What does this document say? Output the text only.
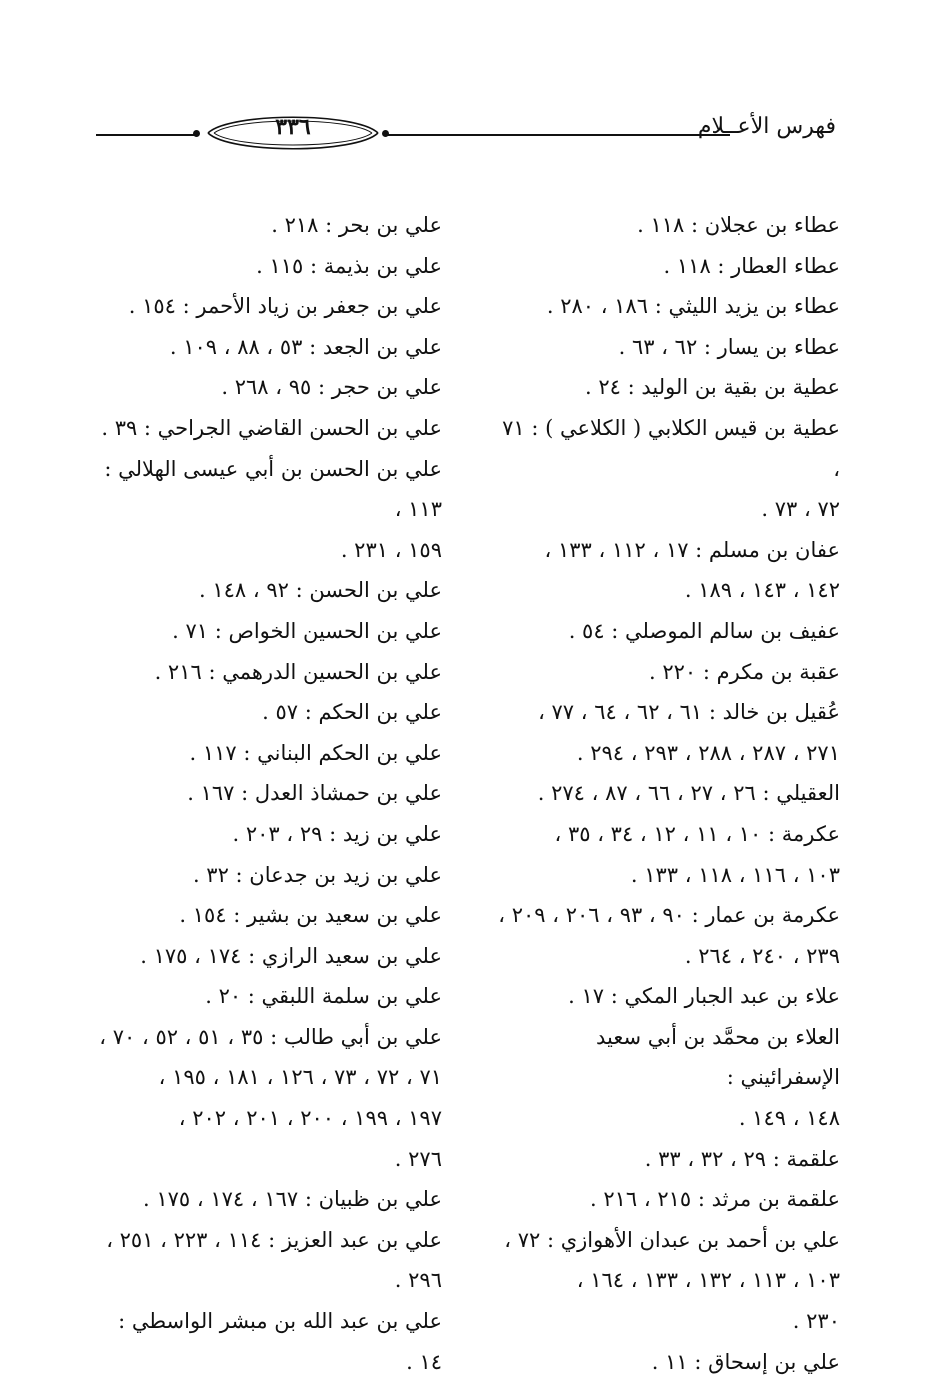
فهرس الأعــلام
٣٣٦

عطاء بن عجلان : ١١٨ .

عطاء العطار : ١١٨ .

عطاء بن يزيد الليثي : ١٨٦ ، ٢٨٠ .

عطاء بن يسار : ٦٢ ، ٦٣ .

عطية بن بقية بن الوليد : ٢٤ .

عطية بن قيس الكلابي ( الكلاعي ) : ٧١ ،

٧٢ ، ٧٣ .

عفان بن مسلم : ١٧ ، ١١٢ ، ١٣٣ ،

١٤٢ ، ١٤٣ ، ١٨٩ .

عفيف بن سالم الموصلي : ٥٤ .

عقبة بن مكرم : ٢٢٠ .

عُقيل بن خالد : ٦١ ، ٦٢ ، ٦٤ ، ٧٧ ،

٢٧١ ، ٢٨٧ ، ٢٨٨ ، ٢٩٣ ، ٢٩٤ .

العقيلي : ٢٦ ، ٢٧ ، ٦٦ ، ٨٧ ، ٢٧٤ .

عكرمة : ١٠ ، ١١ ، ١٢ ، ٣٤ ، ٣٥ ،

١٠٣ ، ١١٦ ، ١١٨ ، ١٣٣ .

عكرمة بن عمار : ٩٠ ، ٩٣ ، ٢٠٦ ، ٢٠٩ ،

٢٣٩ ، ٢٤٠ ، ٢٦٤ .

علاء بن عبد الجبار المكي : ١٧ .

العلاء بن محمَّد بن أبي سعيد الإسفرائيني :

١٤٨ ، ١٤٩ .

علقمة : ٢٩ ، ٣٢ ، ٣٣ .

علقمة بن مرثد : ٢١٥ ، ٢١٦ .

علي بن أحمد بن عبدان الأهوازي : ٧٢ ،

١٠٣ ، ١١٣ ، ١٣٢ ، ١٣٣ ، ١٦٤ ،

٢٣٠ .

علي بن إسحاق : ١١ .

علي بن بحر : ٢١٨ .

علي بن بذيمة : ١١٥ .

علي بن جعفر بن زياد الأحمر : ١٥٤ .

علي بن الجعد : ٥٣ ، ٨٨ ، ١٠٩ .

علي بن حجر : ٩٥ ، ٢٦٨ .

علي بن الحسن القاضي الجراحي : ٣٩ .

علي بن الحسن بن أبي عيسى الهلالي : ١١٣ ،

١٥٩ ، ٢٣١ .

علي بن الحسن : ٩٢ ، ١٤٨ .

علي بن الحسين الخواص : ٧١ .

علي بن الحسين الدرهمي : ٢١٦ .

علي بن الحكم : ٥٧ .

علي بن الحكم البناني : ١١٧ .

علي بن حمشاذ العدل : ١٦٧ .

علي بن زيد : ٢٩ ، ٢٠٣ .

علي بن زيد بن جدعان : ٣٢ .

علي بن سعيد بن بشير : ١٥٤ .

علي بن سعيد الرازي : ١٧٤ ، ١٧٥ .

علي بن سلمة اللبقي : ٢٠ .

علي بن أبي طالب : ٣٥ ، ٥١ ، ٥٢ ، ٧٠ ،

٧١ ، ٧٢ ، ٧٣ ، ١٢٦ ، ١٨١ ، ١٩٥ ،

١٩٧ ، ١٩٩ ، ٢٠٠ ، ٢٠١ ، ٢٠٢ ،

٢٧٦ .

علي بن ظبيان : ١٦٧ ، ١٧٤ ، ١٧٥ .

علي بن عبد العزيز : ١١٤ ، ٢٢٣ ، ٢٥١ ،

٢٩٦ .

علي بن عبد الله بن مبشر الواسطي : ١٤ .
